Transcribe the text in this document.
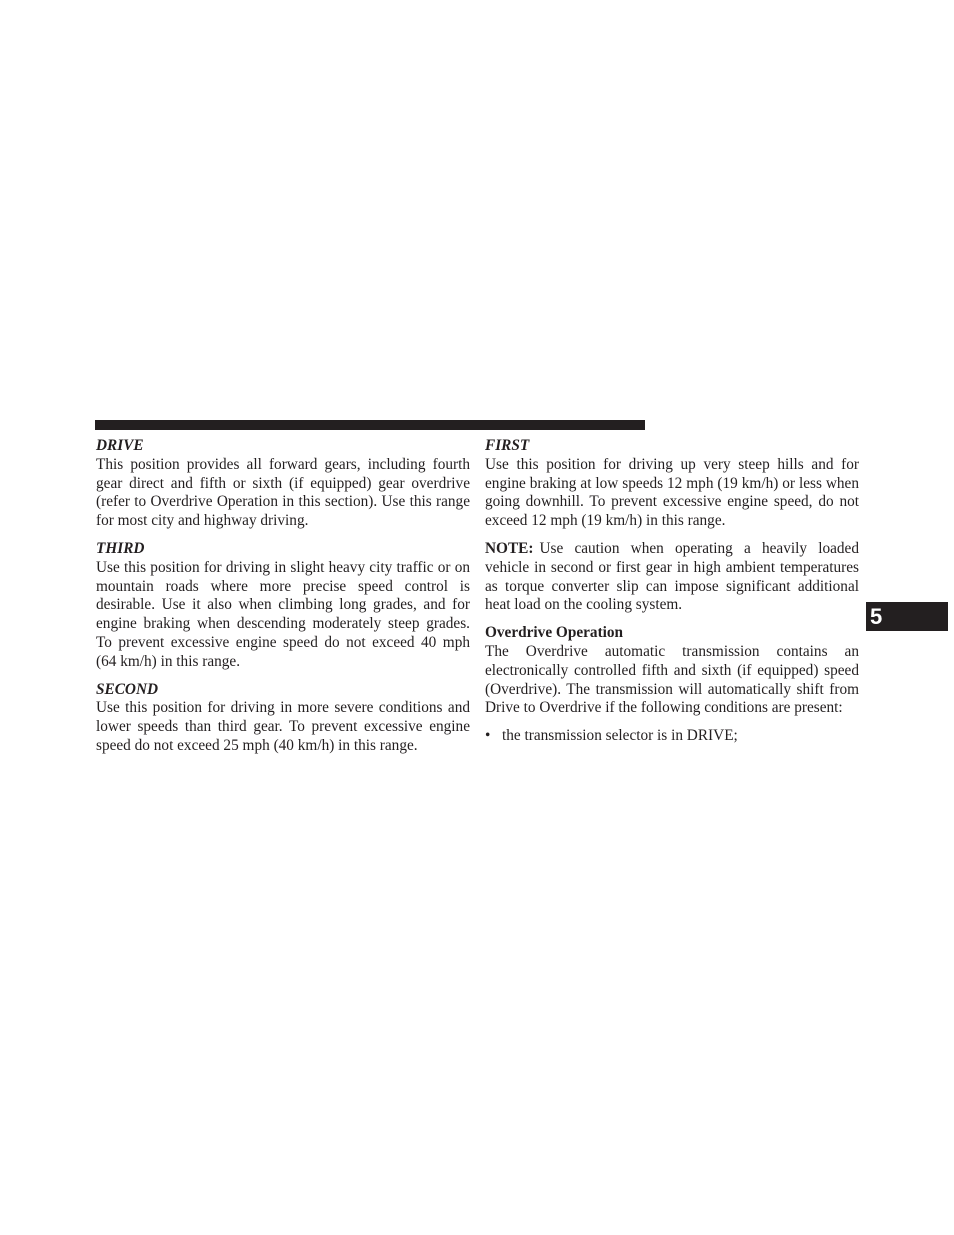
DRIVE

This position provides all forward gears, including fourth gear direct and fifth or sixth (if equipped) gear overdrive (refer to Overdrive Operation in this section). Use this range for most city and highway driving.

THIRD

Use this position for driving in slight heavy city traffic or on mountain roads where more precise speed control is desirable. Use it also when climbing long grades, and for engine braking when descending moderately steep grades. To prevent excessive engine speed do not exceed 40 mph (64 km/h) in this range.

SECOND

Use this position for driving in more severe conditions and lower speeds than third gear. To prevent excessive engine speed do not exceed 25 mph (40 km/h) in this range.

FIRST

Use this position for driving up very steep hills and for engine braking at low speeds 12 mph (19 km/h) or less when going downhill. To prevent excessive engine speed, do not exceed 12 mph (19 km/h) in this range.

NOTE: Use caution when operating a heavily loaded vehicle in second or first gear in high ambient temperatures as torque converter slip can impose significant additional heat load on the cooling system.

Overdrive Operation

The Overdrive automatic transmission contains an electronically controlled fifth and sixth (if equipped) speed (Overdrive). The transmission will automatically shift from Drive to Overdrive if the following conditions are present:

• the transmission selector is in DRIVE;
5
